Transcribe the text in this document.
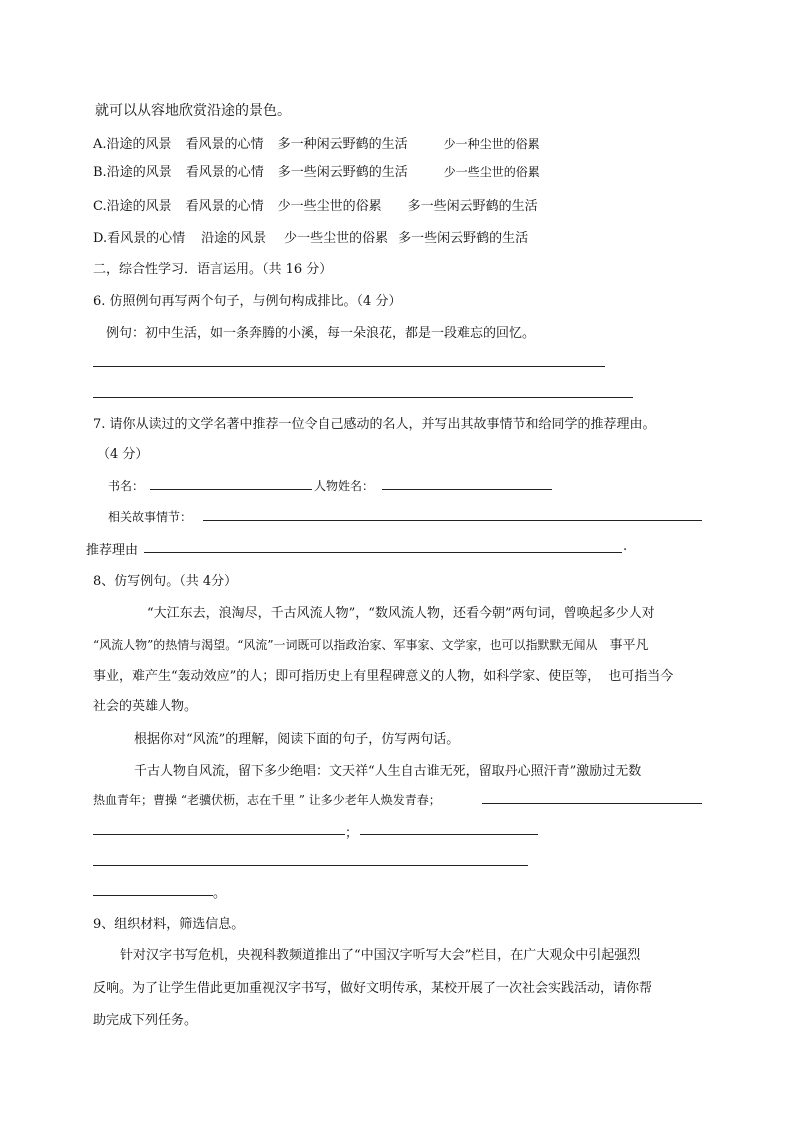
就可以从容地欣赏沿途的景色。
A.沿途的风景 看风景的心情 多一种闲云野鹤的生活	少一种尘世的俗累
B.沿途的风景 看风景的心情 多一些闲云野鹤的生活	少一些尘世的俗累
C.沿途的风景 看风景的心情 少一些尘世的俗累 多一些闲云野鹤的生活
D.看风景的心情 沿途的风景 少一些尘世的俗累 多一些闲云野鹤的生活
二，综合性学习．语言运用。（共 16 分）
6. 仿照例句再写两个句子，与例句构成排比。（4 分）
例句：初中生活，如一条奔腾的小溪，每一朵浪花，都是一段难忘的回忆。
7. 请你从读过的文学名著中推荐一位令自己感动的名人，并写出其故事情节和给同学的推荐理由。
（4 分）
书名：	人物姓名：
相关故事情节：
推荐理由	.
8、仿写例句。（共 4分）
“大江东去，浪淘尽，千古风流人物”，“数风流人物，还看今朝”两句词，曾唤起多少人对
“风流人物”的热情与渴望。“风流”一词既可以指政治家、军事家、文学家，也可以指默默无闻从 事平凡
事业，难产生“轰动效应”的人；即可指历史上有里程碑意义的人物，如科学家、使臣等， 也可指当今
社会的英雄人物。
根据你对“风流”的理解，阅读下面的句子，仿写两句话。
千古人物自风流，留下多少绝唱：文天祥“人生自古谁无死，留取丹心照汗青”激励过无数
热血青年；曹操 “老骥伏枥，志在千里 ” 让多少老年人焕发青春；
；
。
9、组织材料，筛选信息。
针对汉字书写危机，央视科教频道推出了“中国汉字听写大会”栏目，在广大观众中引起强烈
反响。为了让学生借此更加重视汉字书写，做好文明传承，某校开展了一次社会实践活动，请你帮
助完成下列任务。
